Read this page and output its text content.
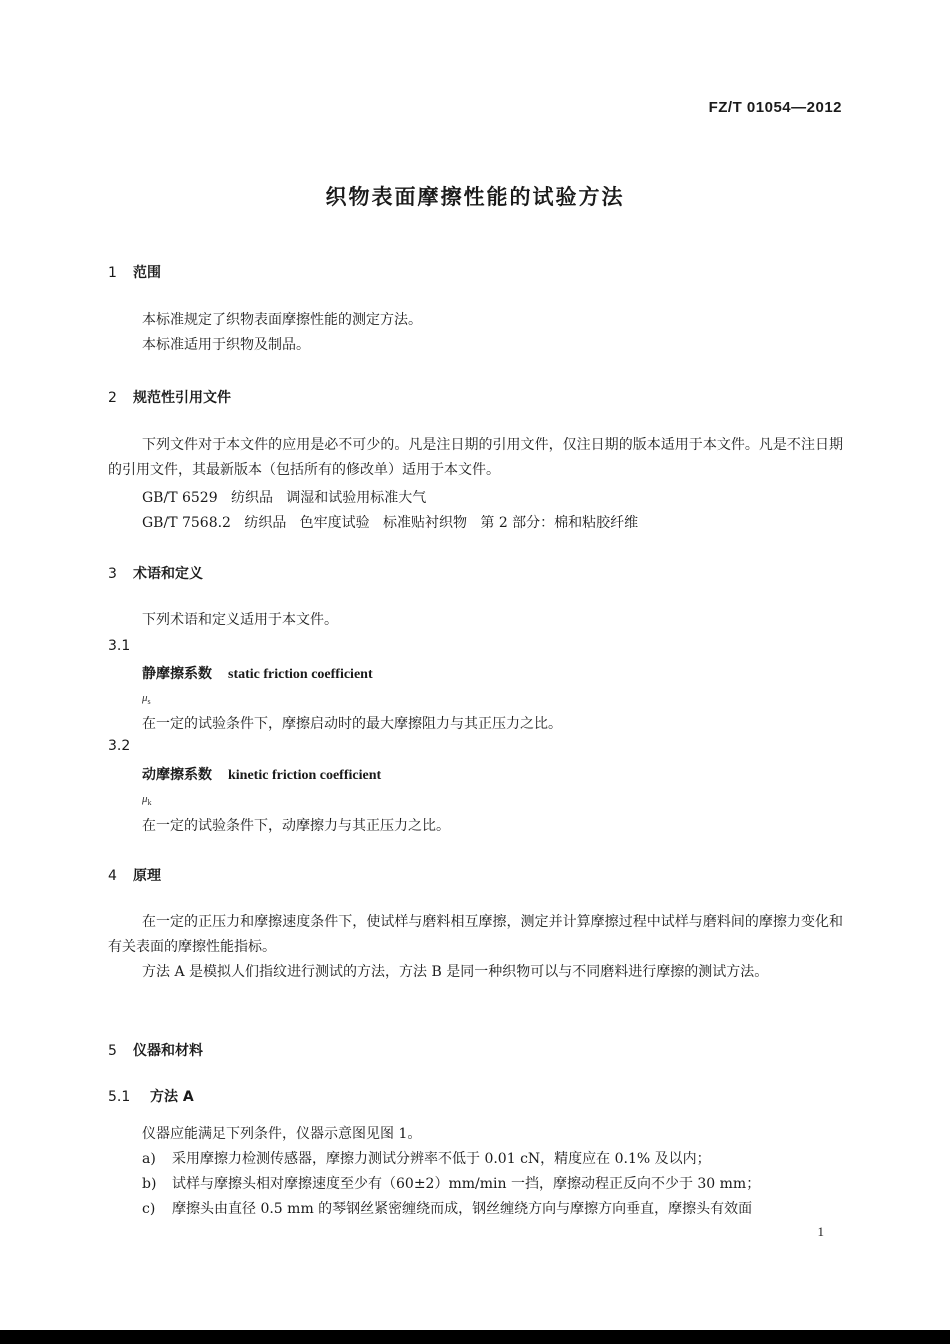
FZ/T 01054—2012
织物表面摩擦性能的试验方法
1 范围

本标准规定了织物表面摩擦性能的测定方法。

本标准适用于织物及制品。

2 规范性引用文件

下列文件对于本文件的应用是必不可少的。凡是注日期的引用文件，仅注日期的版本适用于本文件。凡是不注日期的引用文件，其最新版本（包括所有的修改单）适用于本文件。

GB/T 6529   纺织品   调湿和试验用标准大气
GB/T 7568.2   纺织品   色牢度试验   标准贴衬织物   第 2 部分：棉和粘胶纤维
3 术语和定义

下列术语和定义适用于本文件。

3.1
静摩擦系数 static friction coefficient
$\mu_s$
在一定的试验条件下，摩擦启动时的最大摩擦阻力与其正压力之比。
3.2
动摩擦系数 kinetic friction coefficient
$\mu_k$
在一定的试验条件下，动摩擦力与其正压力之比。
4 原理

在一定的正压力和摩擦速度条件下，使试样与磨料相互摩擦，测定并计算摩擦过程中试样与磨料间的摩擦力变化和有关表面的摩擦性能指标。

方法 A 是模拟人们指纹进行测试的方法，方法 B 是同一种织物可以与不同磨料进行摩擦的测试方法。

5 仪器和材料
5.1 方法 A
仪器应能满足下列条件，仪器示意图见图 1。
a) 采用摩擦力检测传感器，摩擦力测试分辨率不低于 0.01 cN，精度应在 0.1% 及以内；
b) 试样与摩擦头相对摩擦速度至少有（60±2）mm/min 一挡，摩擦动程正反向不少于 30 mm；
c) 摩擦头由直径 0.5 mm 的琴钢丝紧密缠绕而成，钢丝缠绕方向与摩擦方向垂直，摩擦头有效面
1
